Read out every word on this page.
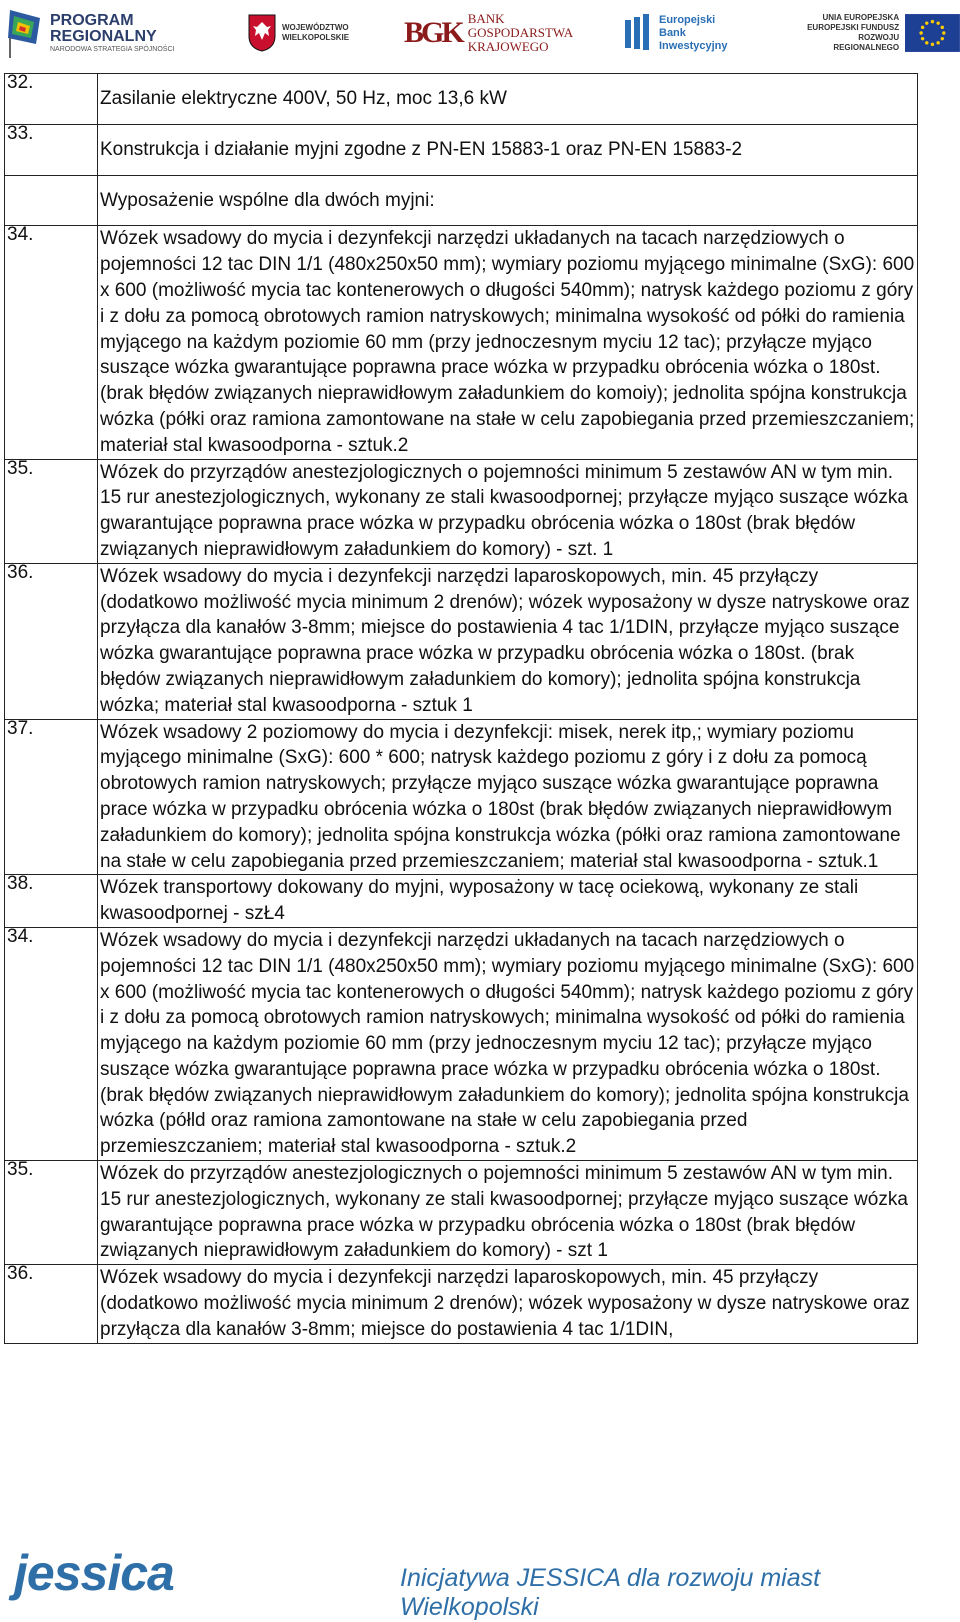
PROGRAM
REGIONALNY
NARODOWA STRATEGIA SPÓJNOŚCI
WOJEWÓDZTWO
WIELKOPOLSKIE BGK BANK
GOSPODARSTWA
KRAJOWEGO
Europejski
Bank
Inwestycyjny
UNIA EUROPEJSKA
EUROPEJSKI FUNDUSZ
ROZWOJU REGIONALNEGO
32.	Zasilanie elektryczne 400V, 50 Hz, moc 13,6 kW
33.	Konstrukcja i działanie myjni zgodne z PN-EN 15883-1 oraz PN-EN 15883-2
	Wyposażenie wspólne dla dwóch myjni:
34.	Wózek wsadowy do mycia i dezynfekcji narzędzi układanych na tacach narzędziowych o pojemności 12 tac DIN 1/1 (480x250x50 mm); wymiary poziomu myjącego minimalne (SxG): 600 x 600 (możliwość mycia tac kontenerowych o długości 540mm); natrysk każdego poziomu z góry i z dołu za pomocą obrotowych ramion natryskowych; minimalna wysokość od półki do ramienia myjącego na każdym poziomie 60 mm (przy jednoczesnym myciu 12 tac); przyłącze myjąco suszące wózka gwarantujące poprawna prace wózka w przypadku obrócenia wózka o 180st. (brak błędów związanych nieprawidłowym załadunkiem do komoiy); jednolita spójna konstrukcja wózka (półki oraz ramiona zamontowane na stałe w celu zapobiegania przed przemieszczaniem; materiał stal kwasoodporna - sztuk.2
35.	Wózek do przyrządów anestezjologicznych o pojemności minimum 5 zestawów AN w tym min. 15 rur anestezjologicznych, wykonany ze stali kwasoodpornej; przyłącze myjąco suszące wózka gwarantujące poprawna prace wózka w przypadku obrócenia wózka o 180st (brak błędów związanych nieprawidłowym załadunkiem do komory) - szt. 1
36.	Wózek wsadowy do mycia i dezynfekcji narzędzi laparoskopowych, min. 45 przyłączy (dodatkowo możliwość mycia minimum 2 drenów); wózek wyposażony w dysze natryskowe oraz przyłącza dla kanałów 3-8mm; miejsce do postawienia 4 tac 1/1DIN, przyłącze myjąco suszące wózka gwarantujące poprawna prace wózka w przypadku obrócenia wózka o 180st. (brak błędów związanych nieprawidłowym załadunkiem do komory); jednolita spójna konstrukcja wózka; materiał stal kwasoodporna - sztuk 1
37.	Wózek wsadowy 2 poziomowy do mycia i dezynfekcji: misek, nerek itp,; wymiary poziomu myjącego minimalne (SxG): 600 * 600; natrysk każdego poziomu z góry i z dołu za pomocą obrotowych ramion natryskowych; przyłącze myjąco suszące wózka gwarantujące poprawna prace wózka w przypadku obrócenia wózka o 180st (brak błędów związanych nieprawidłowym załadunkiem do komory); jednolita spójna konstrukcja wózka (półki oraz ramiona zamontowane na stałe w celu zapobiegania przed przemieszczaniem; materiał stal kwasoodporna - sztuk.1
38.	Wózek transportowy dokowany do myjni, wyposażony w tacę ociekową, wykonany ze stali kwasoodpornej - szŁ4
34.	Wózek wsadowy do mycia i dezynfekcji narzędzi układanych na tacach narzędziowych o pojemności 12 tac DIN 1/1 (480x250x50 mm); wymiary poziomu myjącego minimalne (SxG): 600 x 600 (możliwość mycia tac kontenerowych o długości 540mm); natrysk każdego poziomu z góry i z dołu za pomocą obrotowych ramion natryskowych; minimalna wysokość od półki do ramienia myjącego na każdym poziomie 60 mm (przy jednoczesnym myciu 12 tac); przyłącze myjąco suszące wózka gwarantujące poprawna prace wózka w przypadku obrócenia wózka o 180st. (brak błędów związanych nieprawidłowym załadunkiem do komory); jednolita spójna konstrukcja wózka (półld oraz ramiona zamontowane na stałe w celu zapobiegania przed przemieszczaniem; materiał stal kwasoodporna - sztuk.2
35.	Wózek do przyrządów anestezjologicznych o pojemności minimum 5 zestawów AN w tym min. 15 rur anestezjologicznych, wykonany ze stali kwasoodpornej; przyłącze myjąco suszące wózka gwarantujące poprawna prace wózka w przypadku obrócenia wózka o 180st (brak błędów związanych nieprawidłowym załadunkiem do komory) - szt 1
36.	Wózek wsadowy do mycia i dezynfekcji narzędzi laparoskopowych, min. 45 przyłączy (dodatkowo możliwość mycia minimum 2 drenów); wózek wyposażony w dysze natryskowe oraz przyłącza dla kanałów 3-8mm; miejsce do postawienia 4 tac 1/1DIN,
jessica	Inicjatywa JESSICA dla rozwoju miast Wielkopolski
